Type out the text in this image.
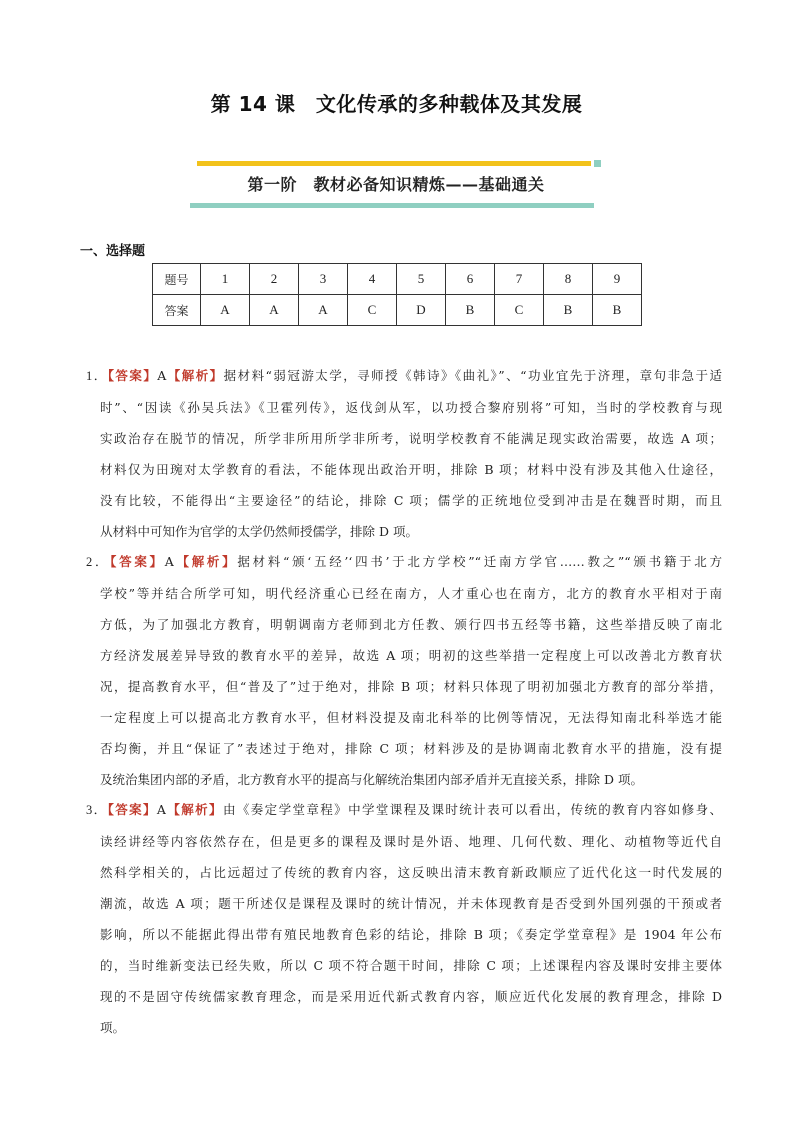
第 14 课　文化传承的多种载体及其发展
第一阶　教材必备知识精炼——基础通关
一、选择题
题号	1	2	3	4	5	6	7	8	9
答案	A	A	A	C	D	B	C	B	B
1．【答案】A【解析】据材料“弱冠游太学，寻师授《韩诗》《曲礼》”、“功业宜先于济理，章句非急于适
时”、“因读《孙吴兵法》《卫霍列传》，返伐剑从军，以功授合黎府别将”可知，当时的学校教育与现
实政治存在脱节的情况，所学非所用所学非所考，说明学校教育不能满足现实政治需要，故选 A 项；
材料仅为田琬对太学教育的看法，不能体现出政治开明，排除 B 项；材料中没有涉及其他入仕途径，
没有比较，不能得出“主要途径”的结论，排除 C 项；儒学的正统地位受到冲击是在魏晋时期，而且
从材料中可知作为官学的太学仍然师授儒学，排除 D 项。
2．【答案】A【解析】据材料“颁‘五经’‘四书’于北方学校”“迁南方学官……教之”“颁书籍于北方
学校”等并结合所学可知，明代经济重心已经在南方，人才重心也在南方，北方的教育水平相对于南
方低，为了加强北方教育，明朝调南方老师到北方任教、颁行四书五经等书籍，这些举措反映了南北
方经济发展差异导致的教育水平的差异，故选 A 项；明初的这些举措一定程度上可以改善北方教育状
况，提高教育水平，但“普及了”过于绝对，排除 B 项；材料只体现了明初加强北方教育的部分举措，
一定程度上可以提高北方教育水平，但材料没提及南北科举的比例等情况，无法得知南北科举选才能
否均衡，并且“保证了”表述过于绝对，排除 C 项；材料涉及的是协调南北教育水平的措施，没有提
及统治集团内部的矛盾，北方教育水平的提高与化解统治集团内部矛盾并无直接关系，排除 D 项。
3．【答案】A【解析】由《奏定学堂章程》中学堂课程及课时统计表可以看出，传统的教育内容如修身、
读经讲经等内容依然存在，但是更多的课程及课时是外语、地理、几何代数、理化、动植物等近代自
然科学相关的，占比远超过了传统的教育内容，这反映出清末教育新政顺应了近代化这一时代发展的
潮流，故选 A 项；题干所述仅是课程及课时的统计情况，并未体现教育是否受到外国列强的干预或者
影响，所以不能据此得出带有殖民地教育色彩的结论，排除 B 项；《奏定学堂章程》是 1904 年公布
的，当时维新变法已经失败，所以 C 项不符合题干时间，排除 C 项；上述课程内容及课时安排主要体
现的不是固守传统儒家教育理念，而是采用近代新式教育内容，顺应近代化发展的教育理念，排除 D
项。
